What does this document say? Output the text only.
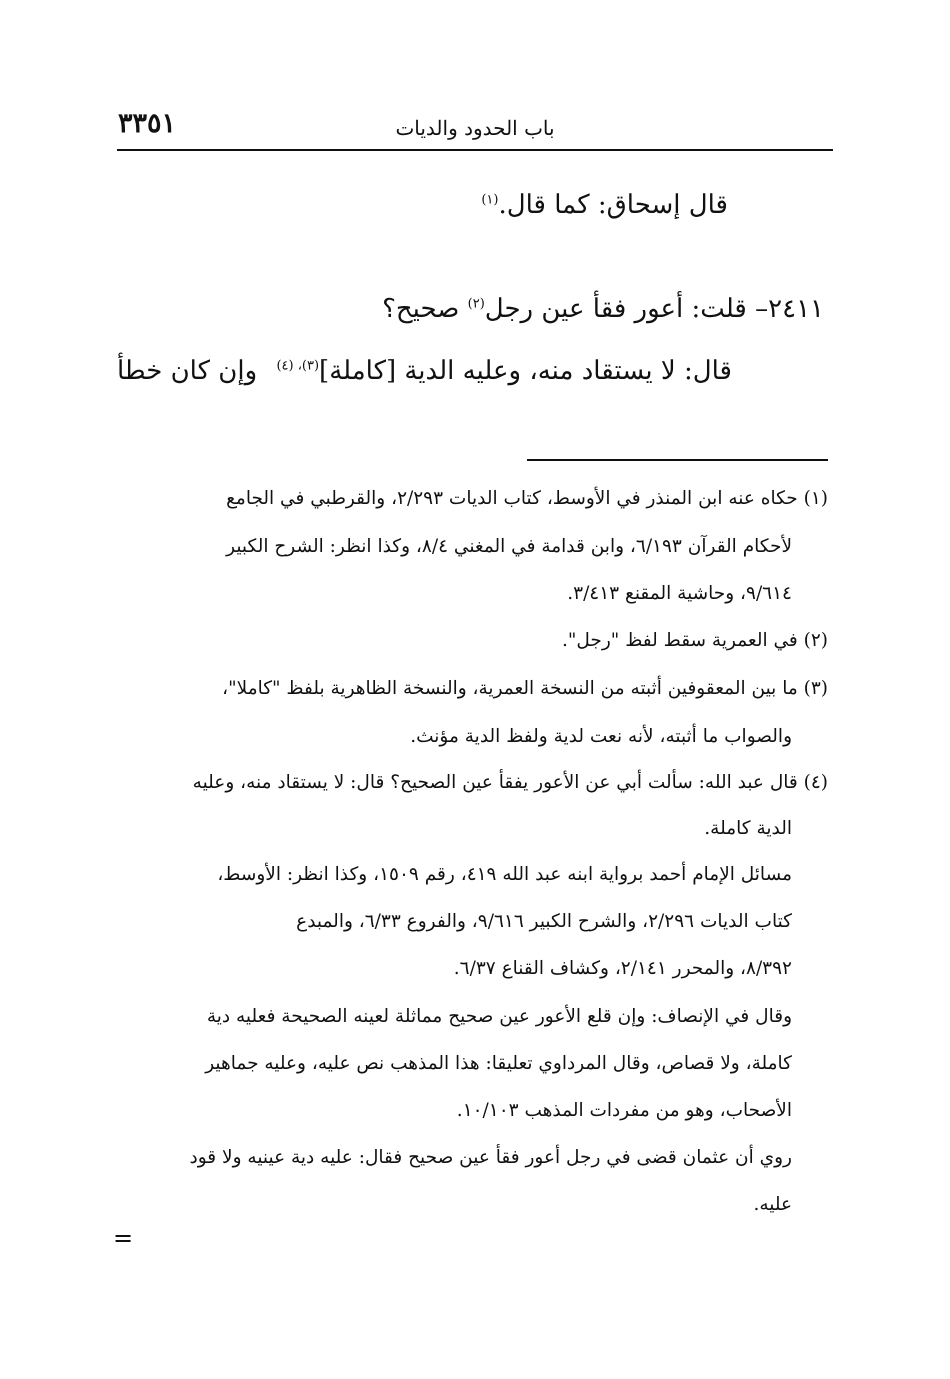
٣٣٥١	باب الحدود والديات
قال إسحاق: كما قال.$^{(١)}$
٢٤١١– قلت: أعور فقأ عين رجل$^{(٢)}$ صحيح؟
قال: لا يستقاد منه، وعليه الدية [كاملة]$^{(٣)، (٤)}$
وإن كان خطأ
(١) حكاه عنه ابن المنذر في الأوسط، كتاب الديات ٢/٢٩٣، والقرطبي في الجامع
لأحكام القرآن ٦/١٩٣، وابن قدامة في المغني ٨/٤، وكذا انظر: الشرح الكبير
٩/٦١٤، وحاشية المقنع ٣/٤١٣.
(٢) في العمرية سقط لفظ "رجل".
(٣) ما بين المعقوفين أثبته من النسخة العمرية، والنسخة الظاهرية بلفظ "كاملا"،
والصواب ما أثبته، لأنه نعت لدية ولفظ الدية مؤنث.
(٤) قال عبد الله: سألت أبي عن الأعور يفقأ عين الصحيح؟ قال: لا يستقاد منه، وعليه
الدية كاملة.
مسائل الإمام أحمد برواية ابنه عبد الله ٤١٩، رقم ١٥٠٩، وكذا انظر: الأوسط،
كتاب الديات ٢/٢٩٦، والشرح الكبير ٩/٦١٦، والفروع ٦/٣٣، والمبدع
٨/٣٩٢، والمحرر ٢/١٤١، وكشاف القناع ٦/٣٧.
وقال في الإنصاف: وإن قلع الأعور عين صحيح مماثلة لعينه الصحيحة فعليه دية
كاملة، ولا قصاص، وقال المرداوي تعليقا: هذا المذهب نص عليه، وعليه جماهير
الأصحاب، وهو من مفردات المذهب ١٠/١٠٣.
روي أن عثمان قضى في رجل أعور فقأ عين صحيح فقال: عليه دية عينيه ولا قود
عليه.
=
